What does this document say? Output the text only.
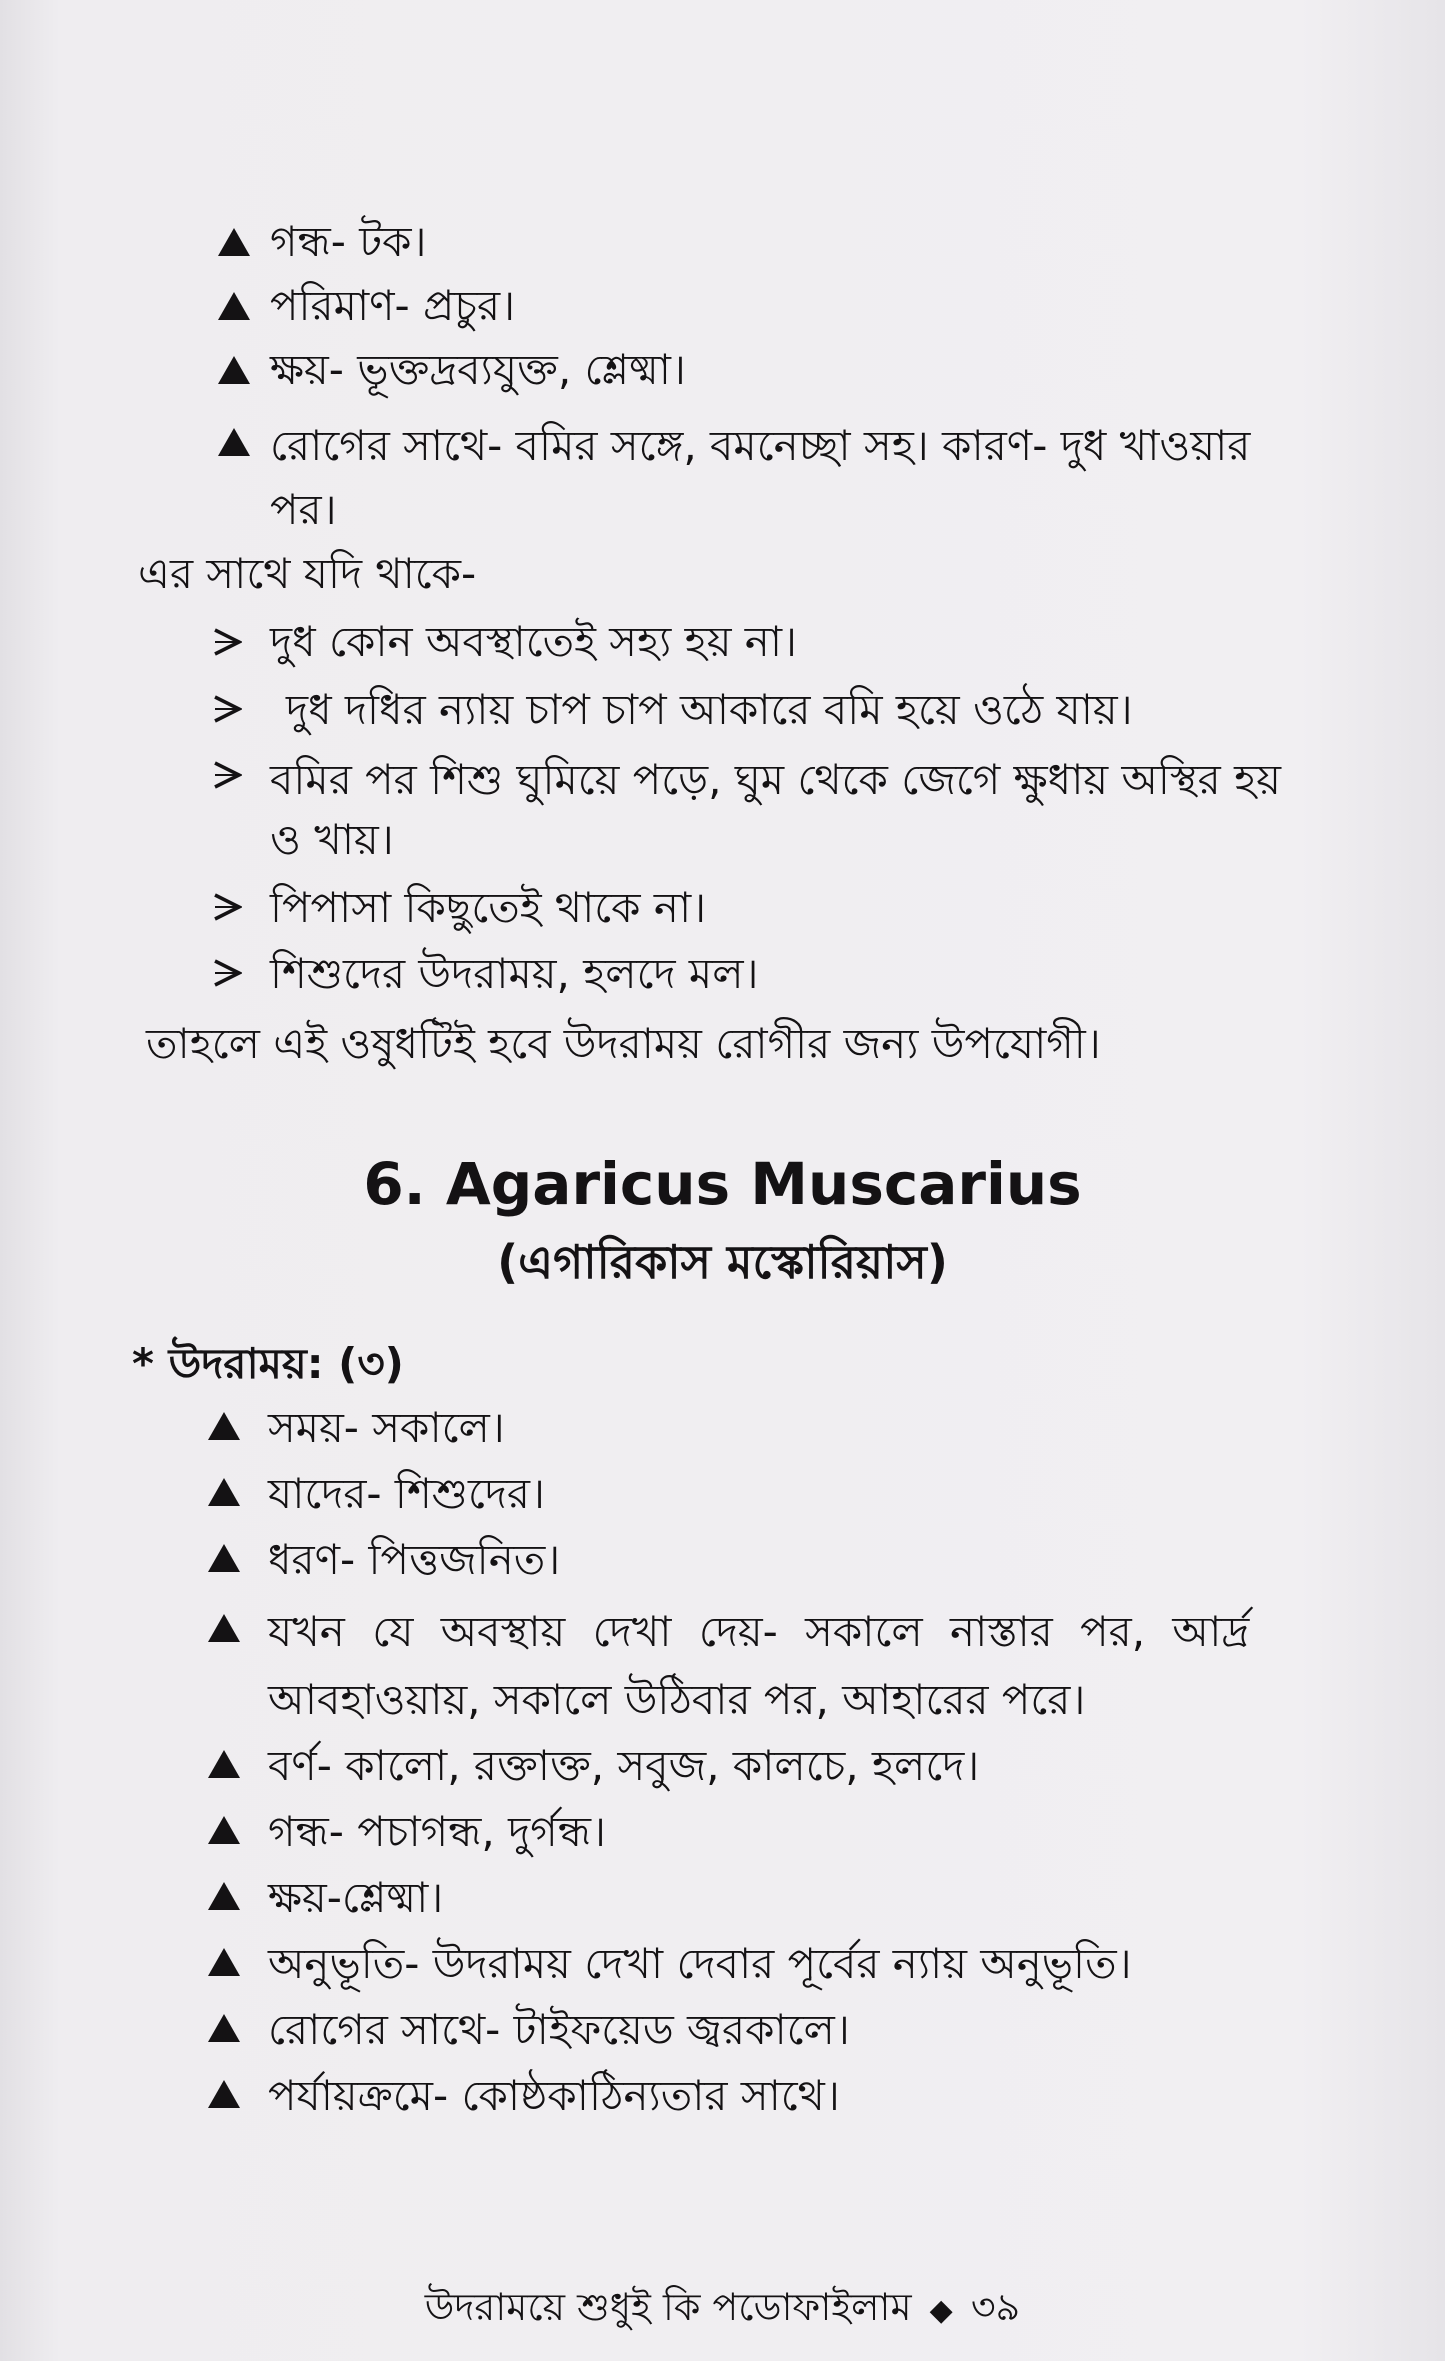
গন্ধ- টক।
পরিমাণ- প্রচুর।
ক্ষয়- ভূক্তদ্রব্যযুক্ত, শ্লেষ্মা।
রোগের সাথে- বমির সঙ্গে, বমনেচ্ছা সহ। কারণ- দুধ খাওয়ার
পর।
এর সাথে যদি থাকে-
দুধ কোন অবস্থাতেই সহ্য হয় না।
দুধ দধির ন্যায় চাপ চাপ আকারে বমি হয়ে ওঠে যায়।
বমির পর শিশু ঘুমিয়ে পড়ে, ঘুম থেকে জেগে ক্ষুধায় অস্থির হয়
ও খায়।
পিপাসা কিছুতেই থাকে না।
শিশুদের উদরাময়, হলদে মল।
তাহলে এই ওষুধটিই হবে উদরাময় রোগীর জন্য উপযোগী।
6. Agaricus Muscarius
(এগারিকাস মস্কোরিয়াস)
* উদরাময়: (৩)
সময়- সকালে।
যাদের- শিশুদের।
ধরণ- পিত্তজনিত।
যখন যে অবস্থায় দেখা দেয়- সকালে নাস্তার পর, আর্দ্র
আবহাওয়ায়, সকালে উঠিবার পর, আহারের পরে।
বর্ণ- কালো, রক্তাক্ত, সবুজ, কালচে, হলদে।
গন্ধ- পচাগন্ধ, দুর্গন্ধ।
ক্ষয়-শ্লেষ্মা।
অনুভূতি- উদরাময় দেখা দেবার পূর্বের ন্যায় অনুভূতি।
রোগের সাথে- টাইফয়েড জ্বরকালে।
পর্যায়ক্রমে- কোষ্ঠকাঠিন্যতার সাথে।
উদরাময়ে শুধুই কি পডোফাইলাম ◆ ৩৯
